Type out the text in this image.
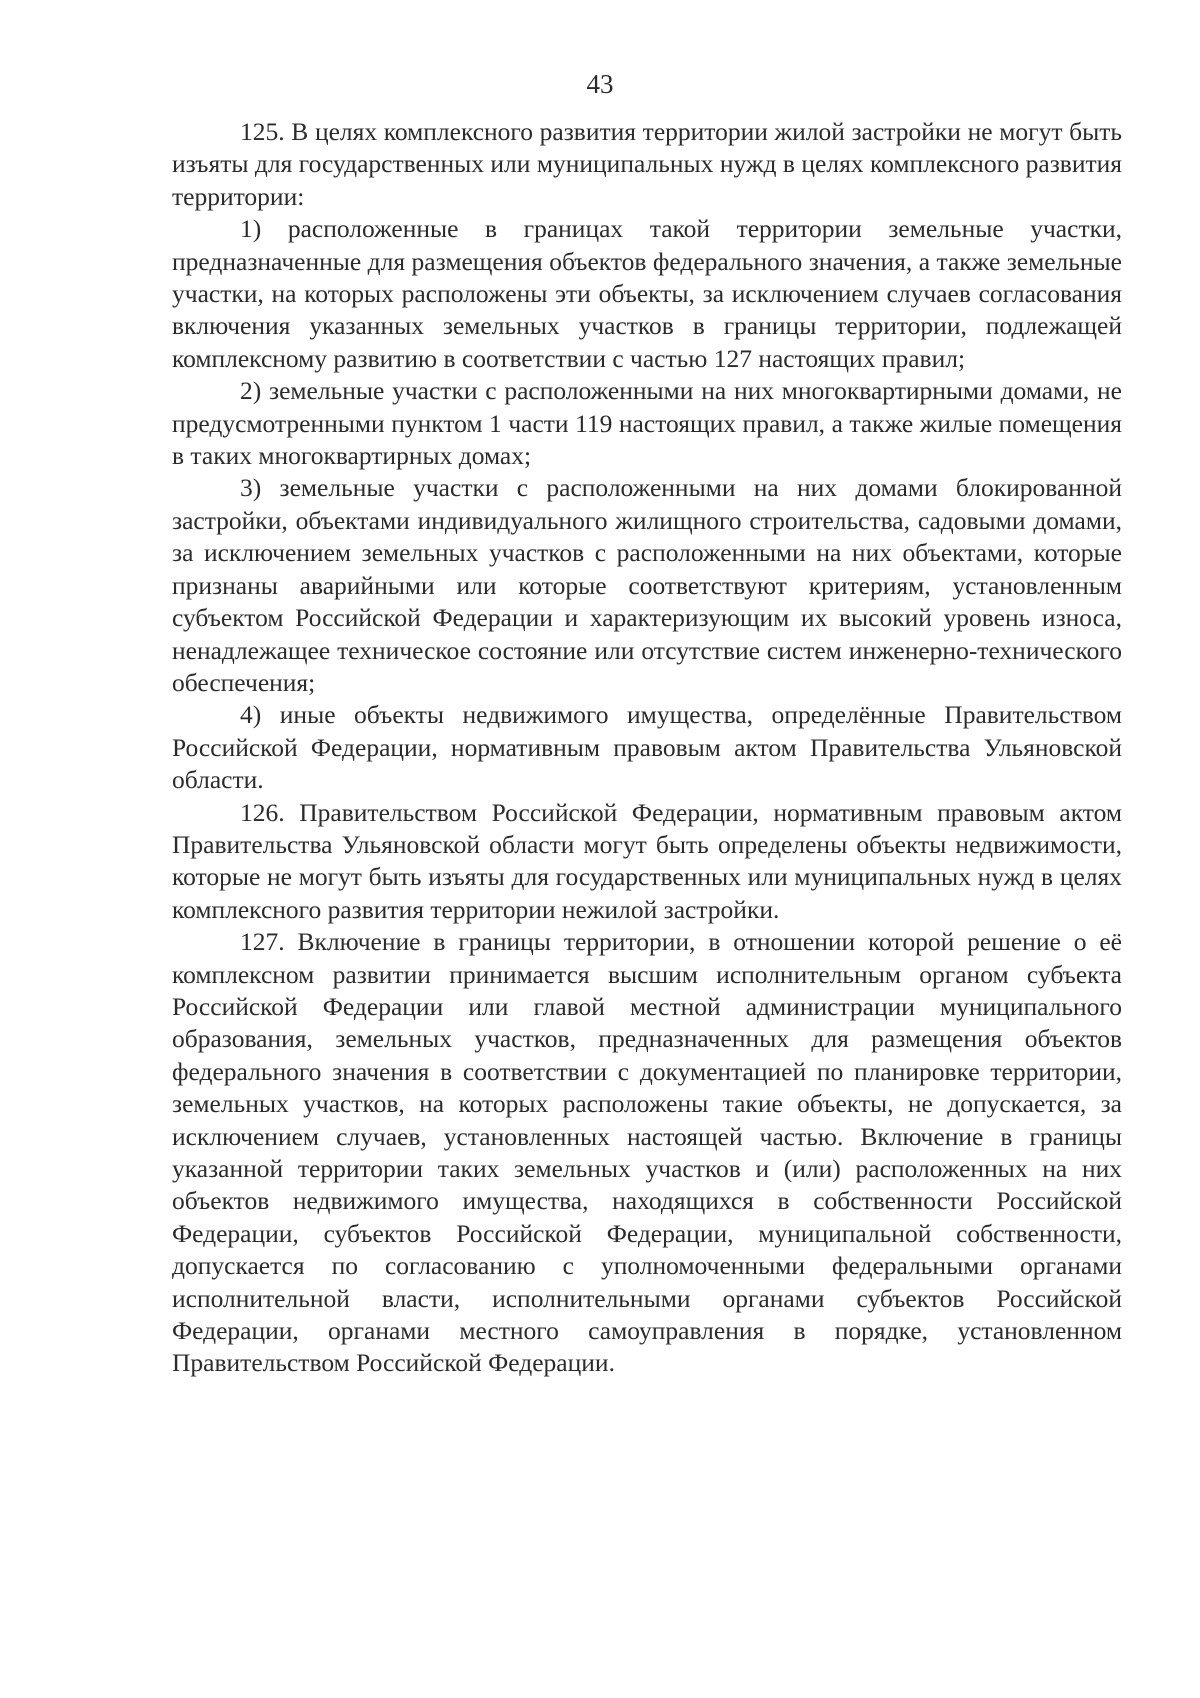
43

125. В целях комплексного развития территории жилой застройки не могут быть изъяты для государственных или муниципальных нужд в целях комплексного развития территории:

1) расположенные в границах такой территории земельные участки, предназначенные для размещения объектов федерального значения, а также земельные участки, на которых расположены эти объекты, за исключением случаев согласования включения указанных земельных участков в границы территории, подлежащей комплексному развитию в соответствии с частью 127 настоящих правил;

2) земельные участки с расположенными на них многоквартирными домами, не предусмотренными пунктом 1 части 119 настоящих правил, а также жилые помещения в таких многоквартирных домах;

3) земельные участки с расположенными на них домами блокированной застройки, объектами индивидуального жилищного строительства, садовыми домами, за исключением земельных участков с расположенными на них объектами, которые признаны аварийными или которые соответствуют критериям, установленным субъектом Российской Федерации и характеризующим их высокий уровень износа, ненадлежащее техническое состояние или отсутствие систем инженерно-технического обеспечения;

4) иные объекты недвижимого имущества, определённые Правительством Российской Федерации, нормативным правовым актом Правительства Ульяновской области.

126. Правительством Российской Федерации, нормативным правовым актом Правительства Ульяновской области могут быть определены объекты недвижимости, которые не могут быть изъяты для государственных или муниципальных нужд в целях комплексного развития территории нежилой застройки.

127. Включение в границы территории, в отношении которой решение о её комплексном развитии принимается высшим исполнительным органом субъекта Российской Федерации или главой местной администрации муниципального образования, земельных участков, предназначенных для размещения объектов федерального значения в соответствии с документацией по планировке территории, земельных участков, на которых расположены такие объекты, не допускается, за исключением случаев, установленных настоящей частью. Включение в границы указанной территории таких земельных участков и (или) расположенных на них объектов недвижимого имущества, находящихся в собственности Российской Федерации, субъектов Российской Федерации, муниципальной собственности, допускается по согласованию с уполномоченными федеральными органами исполнительной власти, исполнительными органами субъектов Российской Федерации, органами местного самоуправления в порядке, установленном Правительством Российской Федерации.
